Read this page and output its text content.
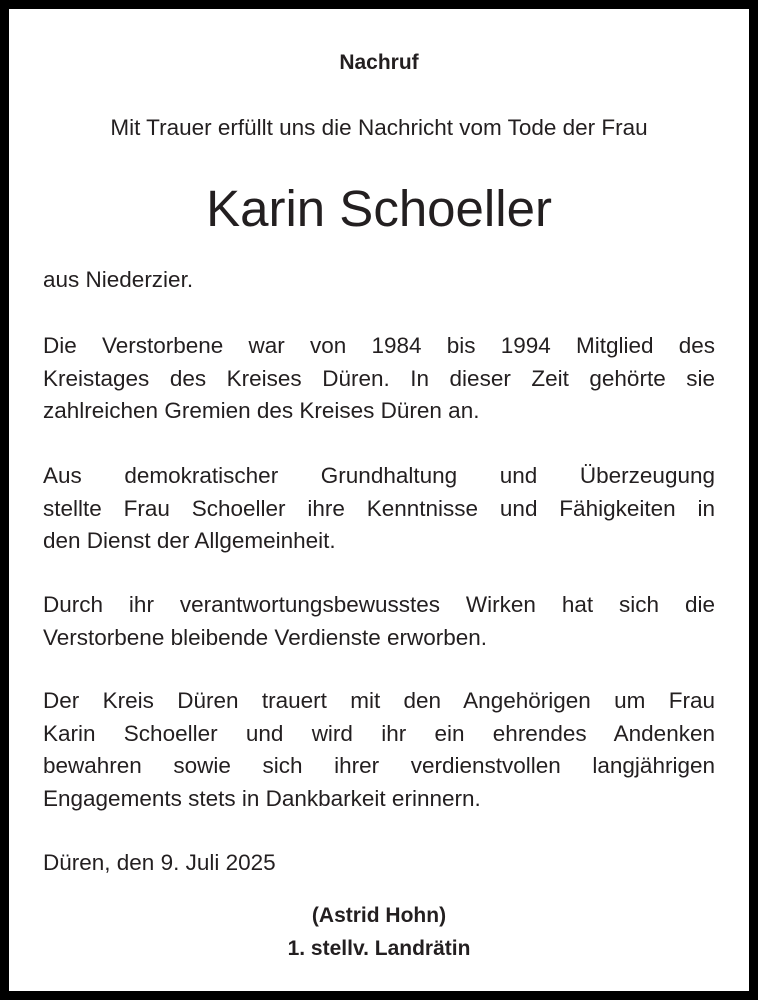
Nachruf
Mit Trauer erfüllt uns die Nachricht vom Tode der Frau
Karin Schoeller
aus Niederzier.
Die Verstorbene war von 1984 bis 1994 Mitglied des
Kreistages des Kreises Düren. In dieser Zeit gehörte sie
zahlreichen Gremien des Kreises Düren an.
Aus demokratischer Grundhaltung und Überzeugung
stellte Frau Schoeller ihre Kenntnisse und Fähigkeiten in
den Dienst der Allgemeinheit.
Durch ihr verantwortungsbewusstes Wirken hat sich die
Verstorbene bleibende Verdienste erworben.
Der Kreis Düren trauert mit den Angehörigen um Frau
Karin Schoeller und wird ihr ein ehrendes Andenken
bewahren sowie sich ihrer verdienstvollen langjährigen
Engagements stets in Dankbarkeit erinnern.
Düren, den 9. Juli 2025
(Astrid Hohn)
1. stellv. Landrätin
